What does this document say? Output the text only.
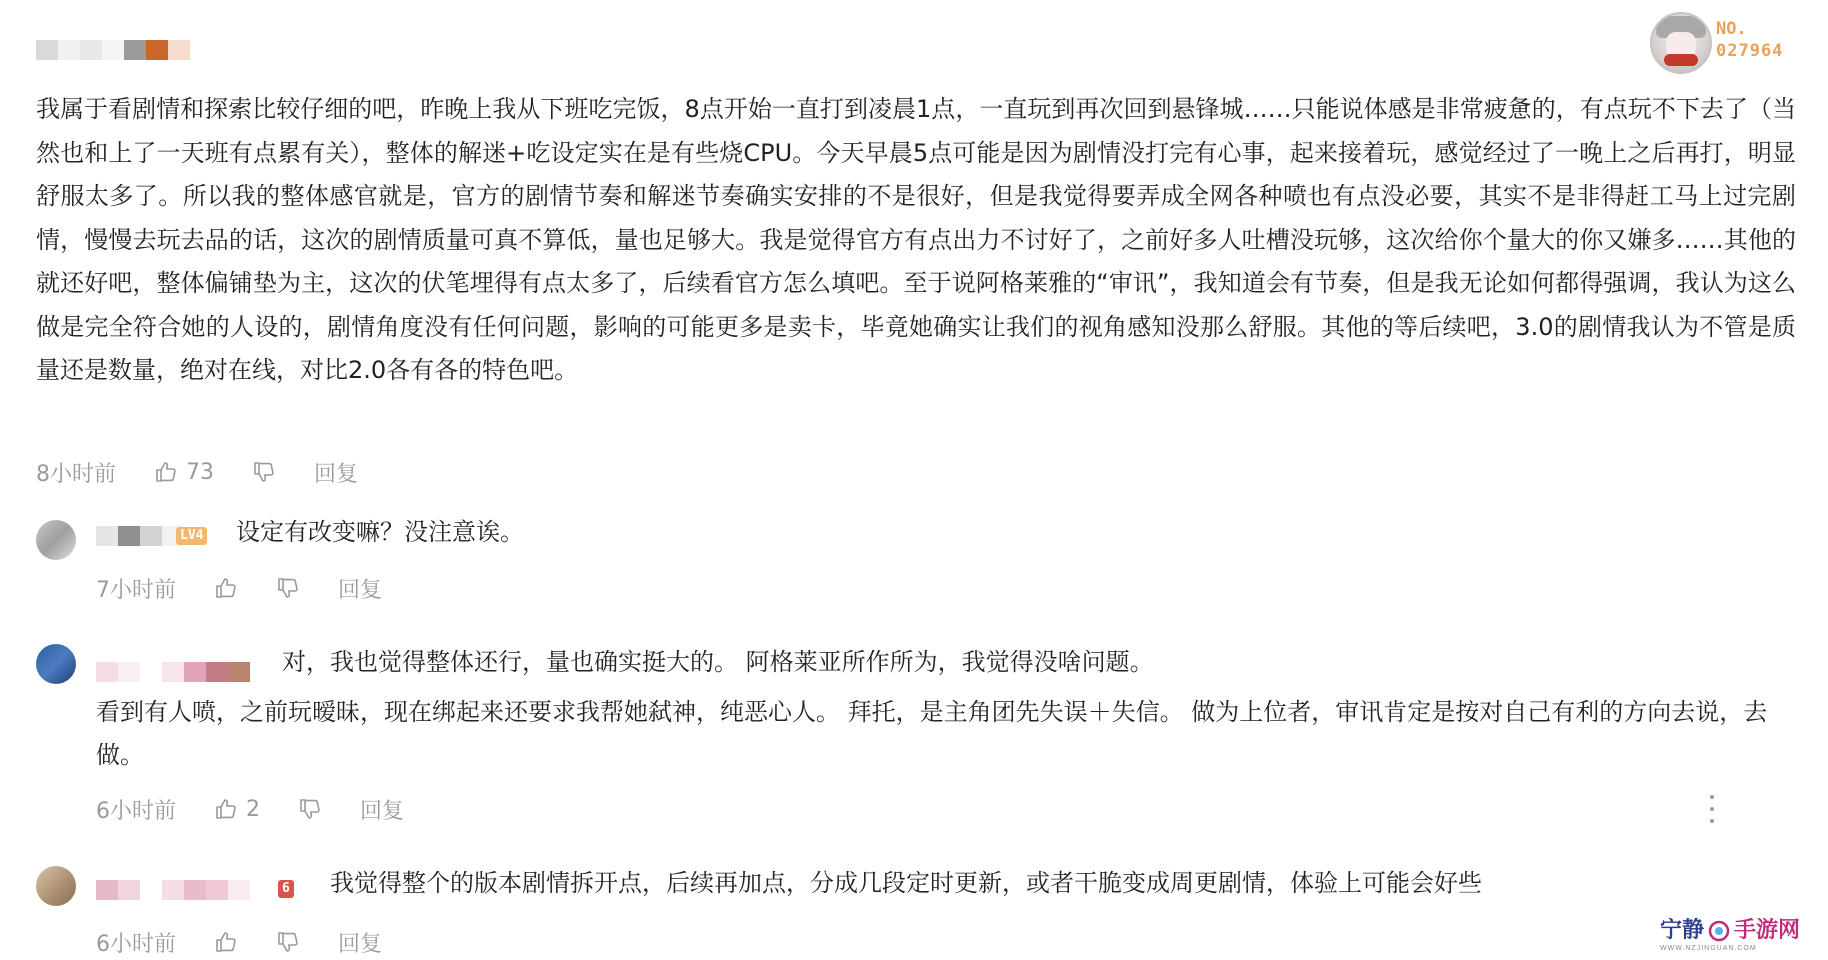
NO.
027964

我属于看剧情和探索比较仔细的吧，昨晚上我从下班吃完饭，8点开始一直打到凌晨1点，一直玩到再次回到悬锋城……只能说体感是非常疲惫的，有点玩不下去了（当然也和上了一天班有点累有关），整体的解迷+吃设定实在是有些烧CPU。今天早晨5点可能是因为剧情没打完有心事，起来接着玩，感觉经过了一晚上之后再打，明显舒服太多了。所以我的整体感官就是，官方的剧情节奏和解迷节奏确实安排的不是很好，但是我觉得要弄成全网各种喷也有点没必要，其实不是非得赶工马上过完剧情，慢慢去玩去品的话，这次的剧情质量可真不算低，量也足够大。我是觉得官方有点出力不讨好了，之前好多人吐槽没玩够，这次给你个量大的你又嫌多……其他的就还好吧，整体偏铺垫为主，这次的伏笔埋得有点太多了，后续看官方怎么填吧。至于说阿格莱雅的“审讯”，我知道会有节奏，但是我无论如何都得强调，我认为这么做是完全符合她的人设的，剧情角度没有任何问题，影响的可能更多是卖卡，毕竟她确实让我们的视角感知没那么舒服。其他的等后续吧，3.0的剧情我认为不管是质量还是数量，绝对在线，对比2.0各有各的特色吧。

8小时前	73	回复
LV4 设定有改变嘛？没注意诶。

7小时前	回复

对，我也觉得整体还行，量也确实挺大的。 阿格莱亚所作所为，我觉得没啥问题。

看到有人喷，之前玩暧昧，现在绑起来还要求我帮她弑神，纯恶心人。 拜托，是主角团先失误＋失信。 做为上位者，审讯肯定是按对自己有利的方向去说，去做。

6小时前	2	回复
6 我觉得整个的版本剧情拆开点，后续再加点，分成几段定时更新，或者干脆变成周更剧情，体验上可能会好些

6小时前	回复
宁静 手游网
WWW.NZJINGUAN.COM
